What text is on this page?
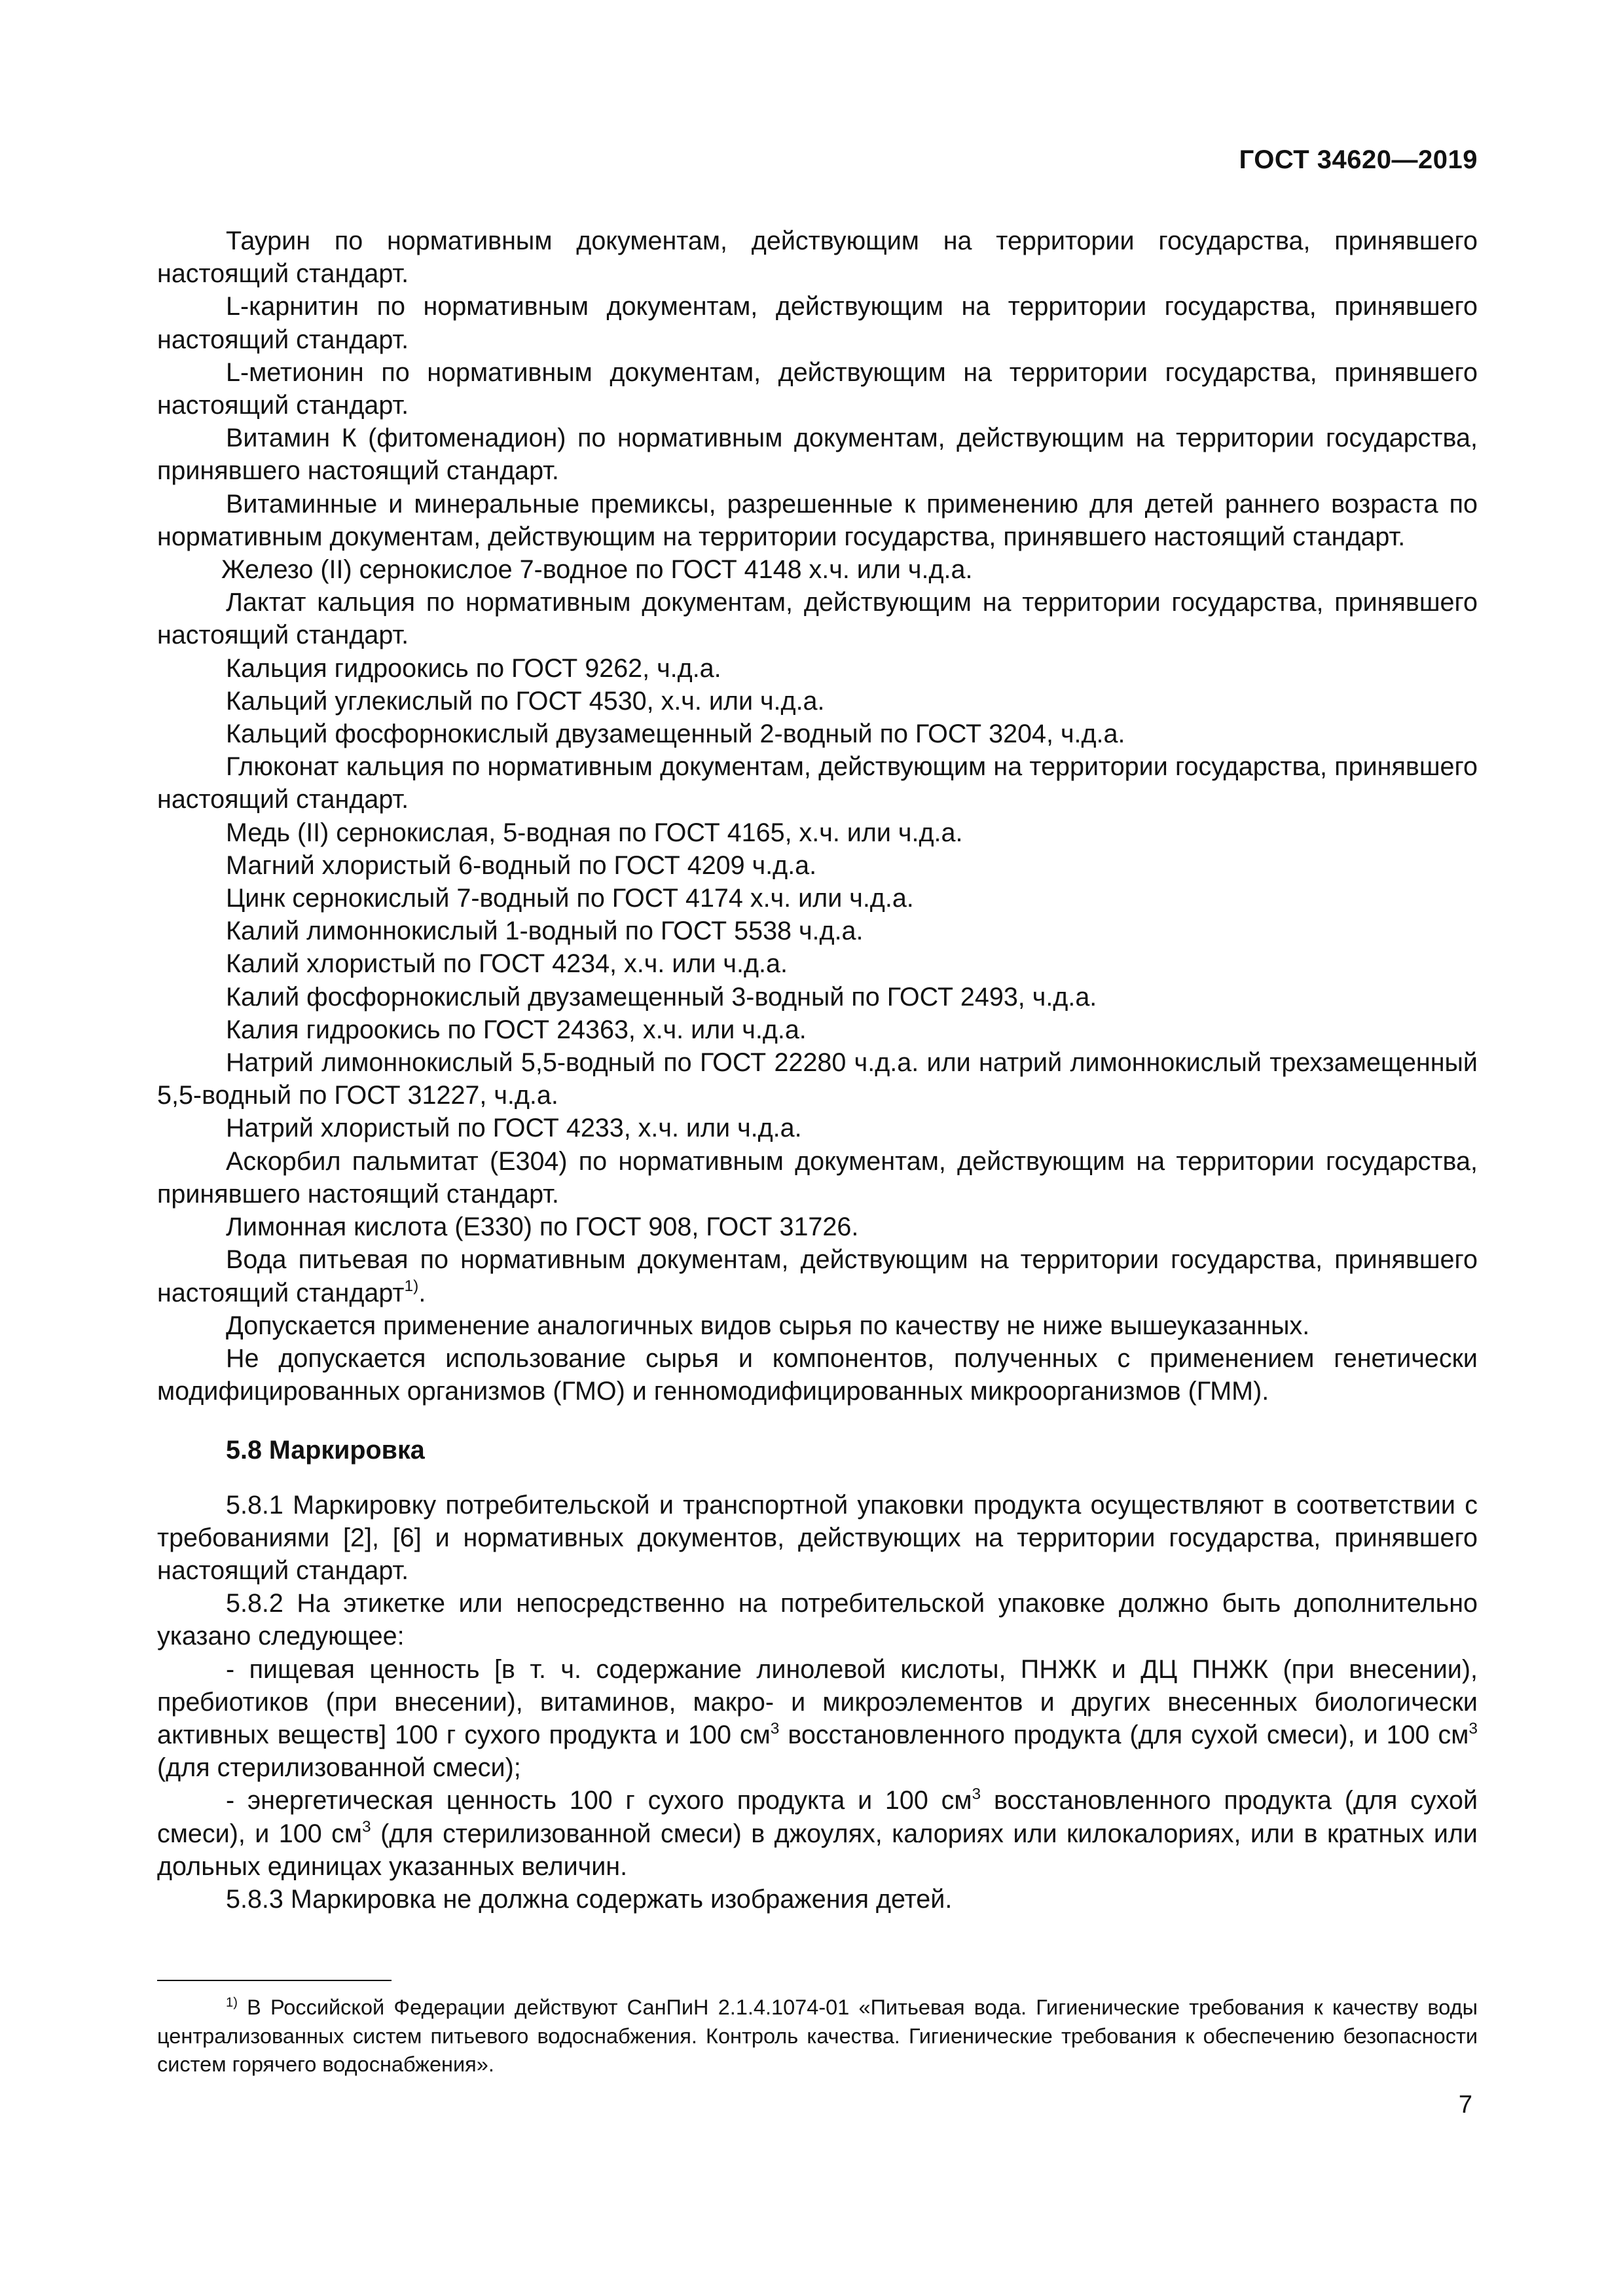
ГОСТ 34620—2019

Таурин по нормативным документам, действующим на территории государства, принявшего настоящий стандарт.

L-карнитин по нормативным документам, действующим на территории государства, принявшего настоящий стандарт.

L-метионин по нормативным документам, действующим на территории государства, принявшего настоящий стандарт.

Витамин К (фитоменадион) по нормативным документам, действующим на территории государства, принявшего настоящий стандарт.

Витаминные и минеральные премиксы, разрешенные к применению для детей раннего возраста по нормативным документам, действующим на территории государства, принявшего настоящий стандарт.

Железо (II) сернокислое 7-водное по ГОСТ 4148 х.ч. или ч.д.а.

Лактат кальция по нормативным документам, действующим на территории государства, принявшего настоящий стандарт.

Кальция гидроокись по ГОСТ 9262, ч.д.а.

Кальций углекислый по ГОСТ 4530, х.ч. или ч.д.а.

Кальций фосфорнокислый двузамещенный 2-водный по ГОСТ 3204, ч.д.а.

Глюконат кальция по нормативным документам, действующим на территории государства, принявшего настоящий стандарт.

Медь (II) сернокислая, 5-водная по ГОСТ 4165, х.ч. или ч.д.а.

Магний хлористый 6-водный по ГОСТ 4209 ч.д.а.

Цинк сернокислый 7-водный по ГОСТ 4174 х.ч. или ч.д.а.

Калий лимоннокислый 1-водный по ГОСТ 5538 ч.д.а.

Калий хлористый по ГОСТ 4234, х.ч. или ч.д.а.

Калий фосфорнокислый двузамещенный 3-водный по ГОСТ 2493, ч.д.а.

Калия гидроокись по ГОСТ 24363, х.ч. или ч.д.а.

Натрий лимоннокислый 5,5-водный по ГОСТ 22280 ч.д.а. или натрий лимоннокислый трехзамещенный 5,5-водный по ГОСТ 31227, ч.д.а.

Натрий хлористый по ГОСТ 4233, х.ч. или ч.д.а.

Аскорбил пальмитат (Е304) по нормативным документам, действующим на территории государства, принявшего настоящий стандарт.

Лимонная кислота (Е330) по ГОСТ 908, ГОСТ 31726.

Вода питьевая по нормативным документам, действующим на территории государства, принявшего настоящий стандарт$^{1)}$.

Допускается применение аналогичных видов сырья по качеству не ниже вышеуказанных.

Не допускается использование сырья и компонентов, полученных с применением генетически модифицированных организмов (ГМО) и генномодифицированных микроорганизмов (ГММ).

5.8 Маркировка

5.8.1 Маркировку потребительской и транспортной упаковки продукта осуществляют в соответствии с требованиями [2], [6] и нормативных документов, действующих на территории государства, принявшего настоящий стандарт.

5.8.2 На этикетке или непосредственно на потребительской упаковке должно быть дополнительно указано следующее:

- пищевая ценность [в т. ч. содержание линолевой кислоты, ПНЖК и ДЦ ПНЖК (при внесении), пребиотиков (при внесении), витаминов, макро- и микроэлементов и других внесенных биологически активных веществ] 100 г сухого продукта и 100 $см^3$ восстановленного продукта (для сухой смеси), и 100 $см^3$ (для стерилизованной смеси);

- энергетическая ценность 100 г сухого продукта и 100 $см^3$ восстановленного продукта (для сухой смеси), и 100 $см^3$ (для стерилизованной смеси) в джоулях, калориях или килокалориях, или в кратных или дольных единицах указанных величин.

5.8.3 Маркировка не должна содержать изображения детей.

$^{1)}$ В Российской Федерации действуют СанПиН 2.1.4.1074-01 «Питьевая вода. Гигиенические требования к качеству воды централизованных систем питьевого водоснабжения. Контроль качества. Гигиенические требования к обеспечению безопасности систем горячего водоснабжения».
7
